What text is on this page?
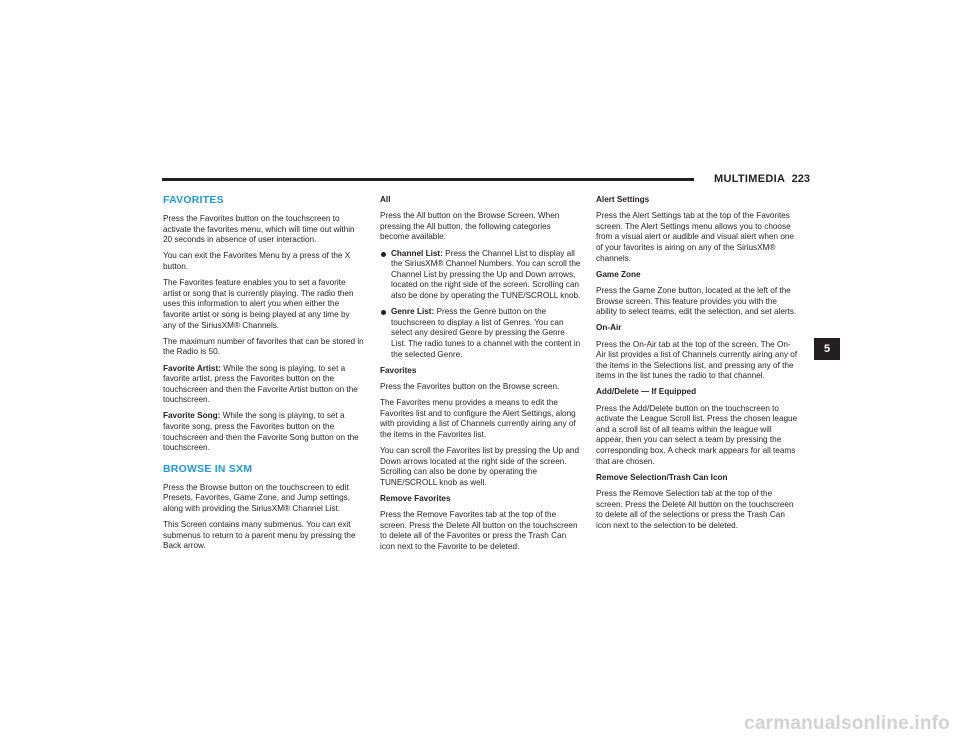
MULTIMEDIA 223
FAVORITES

Press the Favorites button on the touchscreen to activate the favorites menu, which will time out within 20 seconds in absence of user interaction.

You can exit the Favorites Menu by a press of the X button.

The Favorites feature enables you to set a favorite artist or song that is currently playing. The radio then uses this information to alert you when either the favorite artist or song is being played at any time by any of the SiriusXM® Channels.

The maximum number of favorites that can be stored in the Radio is 50.

Favorite Artist: While the song is playing, to set a favorite artist, press the Favorites button on the touchscreen and then the Favorite Artist button on the touchscreen.

Favorite Song: While the song is playing, to set a favorite song, press the Favorites button on the touchscreen and then the Favorite Song button on the touchscreen.

BROWSE IN SXM

Press the Browse button on the touchscreen to edit Presets, Favorites, Game Zone, and Jump settings, along with providing the SiriusXM® Channel List.

This Screen contains many submenus. You can exit submenus to return to a parent menu by pressing the Back arrow.

All

Press the All button on the Browse Screen. When pressing the All button, the following categories become available:

Channel List: Press the Channel List to display all the SiriusXM® Channel Numbers. You can scroll the Channel List by pressing the Up and Down arrows, located on the right side of the screen. Scrolling can also be done by operating the TUNE/SCROLL knob.
Genre List: Press the Genre button on the touchscreen to display a list of Genres. You can select any desired Genre by pressing the Genre List. The radio tunes to a channel with the content in the selected Genre.
Favorites

Press the Favorites button on the Browse screen.

The Favorites menu provides a means to edit the Favorites list and to configure the Alert Settings, along with providing a list of Channels currently airing any of the items in the Favorites list.

You can scroll the Favorites list by pressing the Up and Down arrows located at the right side of the screen. Scrolling can also be done by operating the TUNE/SCROLL knob as well.

Remove Favorites

Press the Remove Favorites tab at the top of the screen. Press the Delete All button on the touchscreen to delete all of the Favorites or press the Trash Can icon next to the Favorite to be deleted.

Alert Settings

Press the Alert Settings tab at the top of the Favorites screen. The Alert Settings menu allows you to choose from a visual alert or audible and visual alert when one of your favorites is airing on any of the SiriusXM® channels.

Game Zone

Press the Game Zone button, located at the left of the Browse screen. This feature provides you with the ability to select teams, edit the selection, and set alerts.

On-Air

Press the On-Air tab at the top of the screen. The On-Air list provides a list of Channels currently airing any of the items in the Selections list, and pressing any of the items in the list tunes the radio to that channel.

Add/Delete — If Equipped

Press the Add/Delete button on the touchscreen to activate the League Scroll list. Press the chosen league and a scroll list of all teams within the league will appear, then you can select a team by pressing the corresponding box. A check mark appears for all teams that are chosen.

Remove Selection/Trash Can Icon

Press the Remove Selection tab at the top of the screen. Press the Delete All button on the touchscreen to delete all of the selections or press the Trash Can icon next to the selection to be deleted.

5
carmanualsonline.info
